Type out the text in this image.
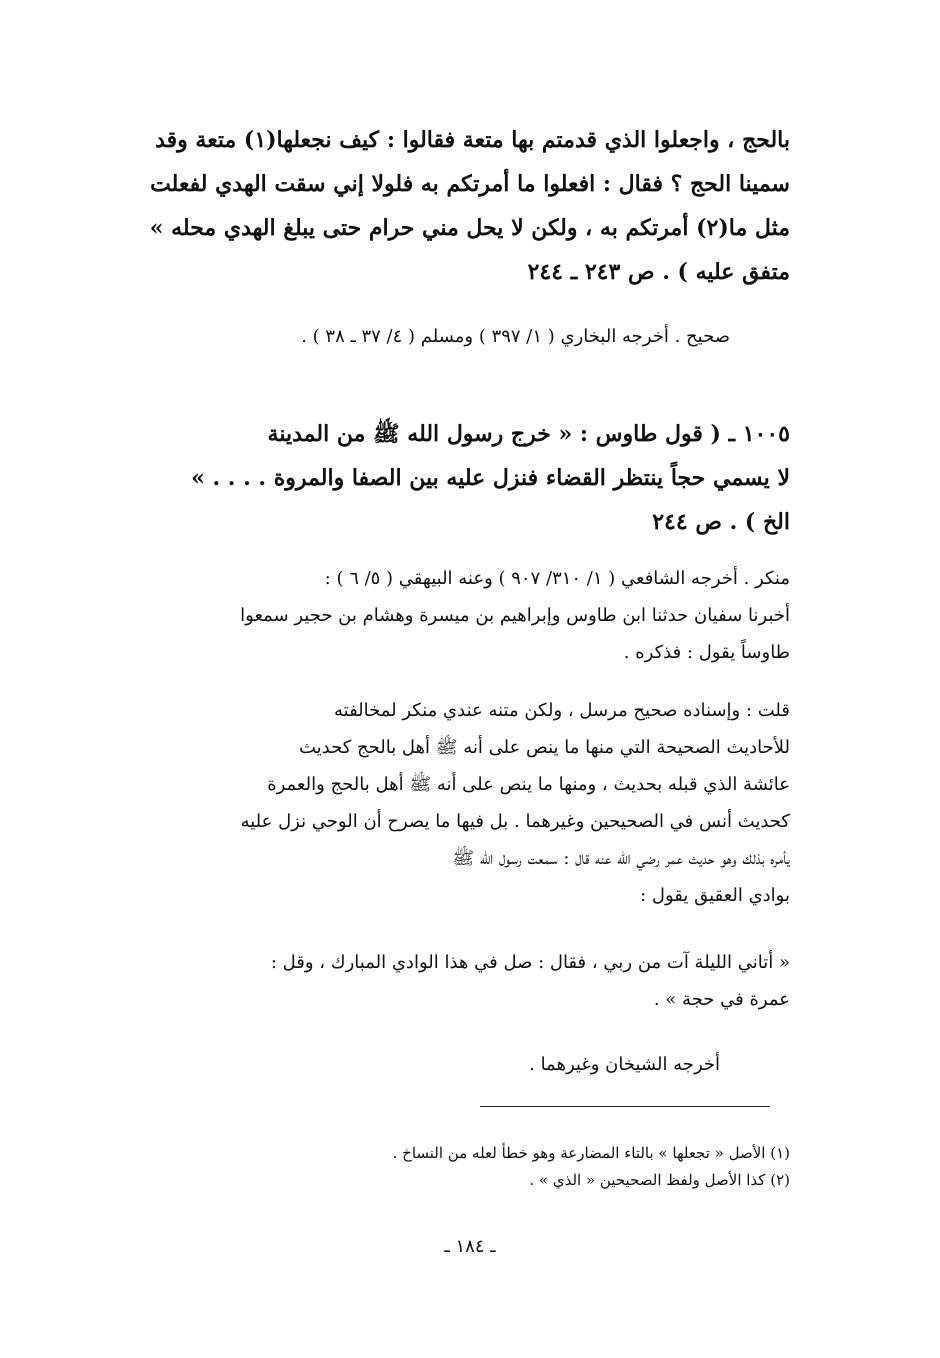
بالحج ، واجعلوا الذي قدمتم بها متعة فقالوا : كيف نجعلها(١) متعة وقد
سمينا الحج ؟ فقال : افعلوا ما أمرتكم به فلولا إني سقت الهدي لفعلت
مثل ما(٢) أمرتكم به ، ولكن لا يحل مني حرام حتى يبلغ الهدي محله »
متفق عليه ) . ص ٢٤٣ ـ ٢٤٤
صحيح . أخرجه البخاري ( ١/ ٣٩٧ ) ومسلم ( ٤/ ٣٧ ـ ٣٨ ) .
١٠٠٥ ـ ( قول طاوس : « خرج رسول الله ﷺ من المدينة
لا يسمي حجاً ينتظر القضاء فنزل عليه بين الصفا والمروة . . . . »
الخ ) . ص ٢٤٤
منكر . أخرجه الشافعي ( ١/ ٣١٠/ ٩٠٧ ) وعنه البيهقي ( ٥/ ٦ ) :
أخبرنا سفيان حدثنا ابن طاوس وإبراهيم بن ميسرة وهشام بن حجير سمعوا
طاوساً يقول : فذكره .
قلت : وإسناده صحيح مرسل ، ولكن متنه عندي منكر لمخالفته
للأحاديث الصحيحة التي منها ما ينص على أنه ﷺ أهل بالحج كحديث
عائشة الذي قبله بحديث ، ومنها ما ينص على أنه ﷺ أهل بالحج والعمرة
كحديث أنس في الصحيحين وغيرهما . بل فيها ما يصرح أن الوحي نزل عليه
يأمره بذلك وهو حديث عمر رضي الله عنه قال : سمعت رسول الله ﷺ
بوادي العقيق يقول :
« أتاني الليلة آت من ربي ، فقال : صل في هذا الوادي المبارك ، وقل :
عمرة في حجة » .
أخرجه الشيخان وغيرهما .
(١) الأصل « تجعلها » بالتاء المضارعة وهو خطأ لعله من النساخ .
(٢) كذا الأصل ولفظ الصحيحين « الذي » .
ـ ١٨٤ ـ
